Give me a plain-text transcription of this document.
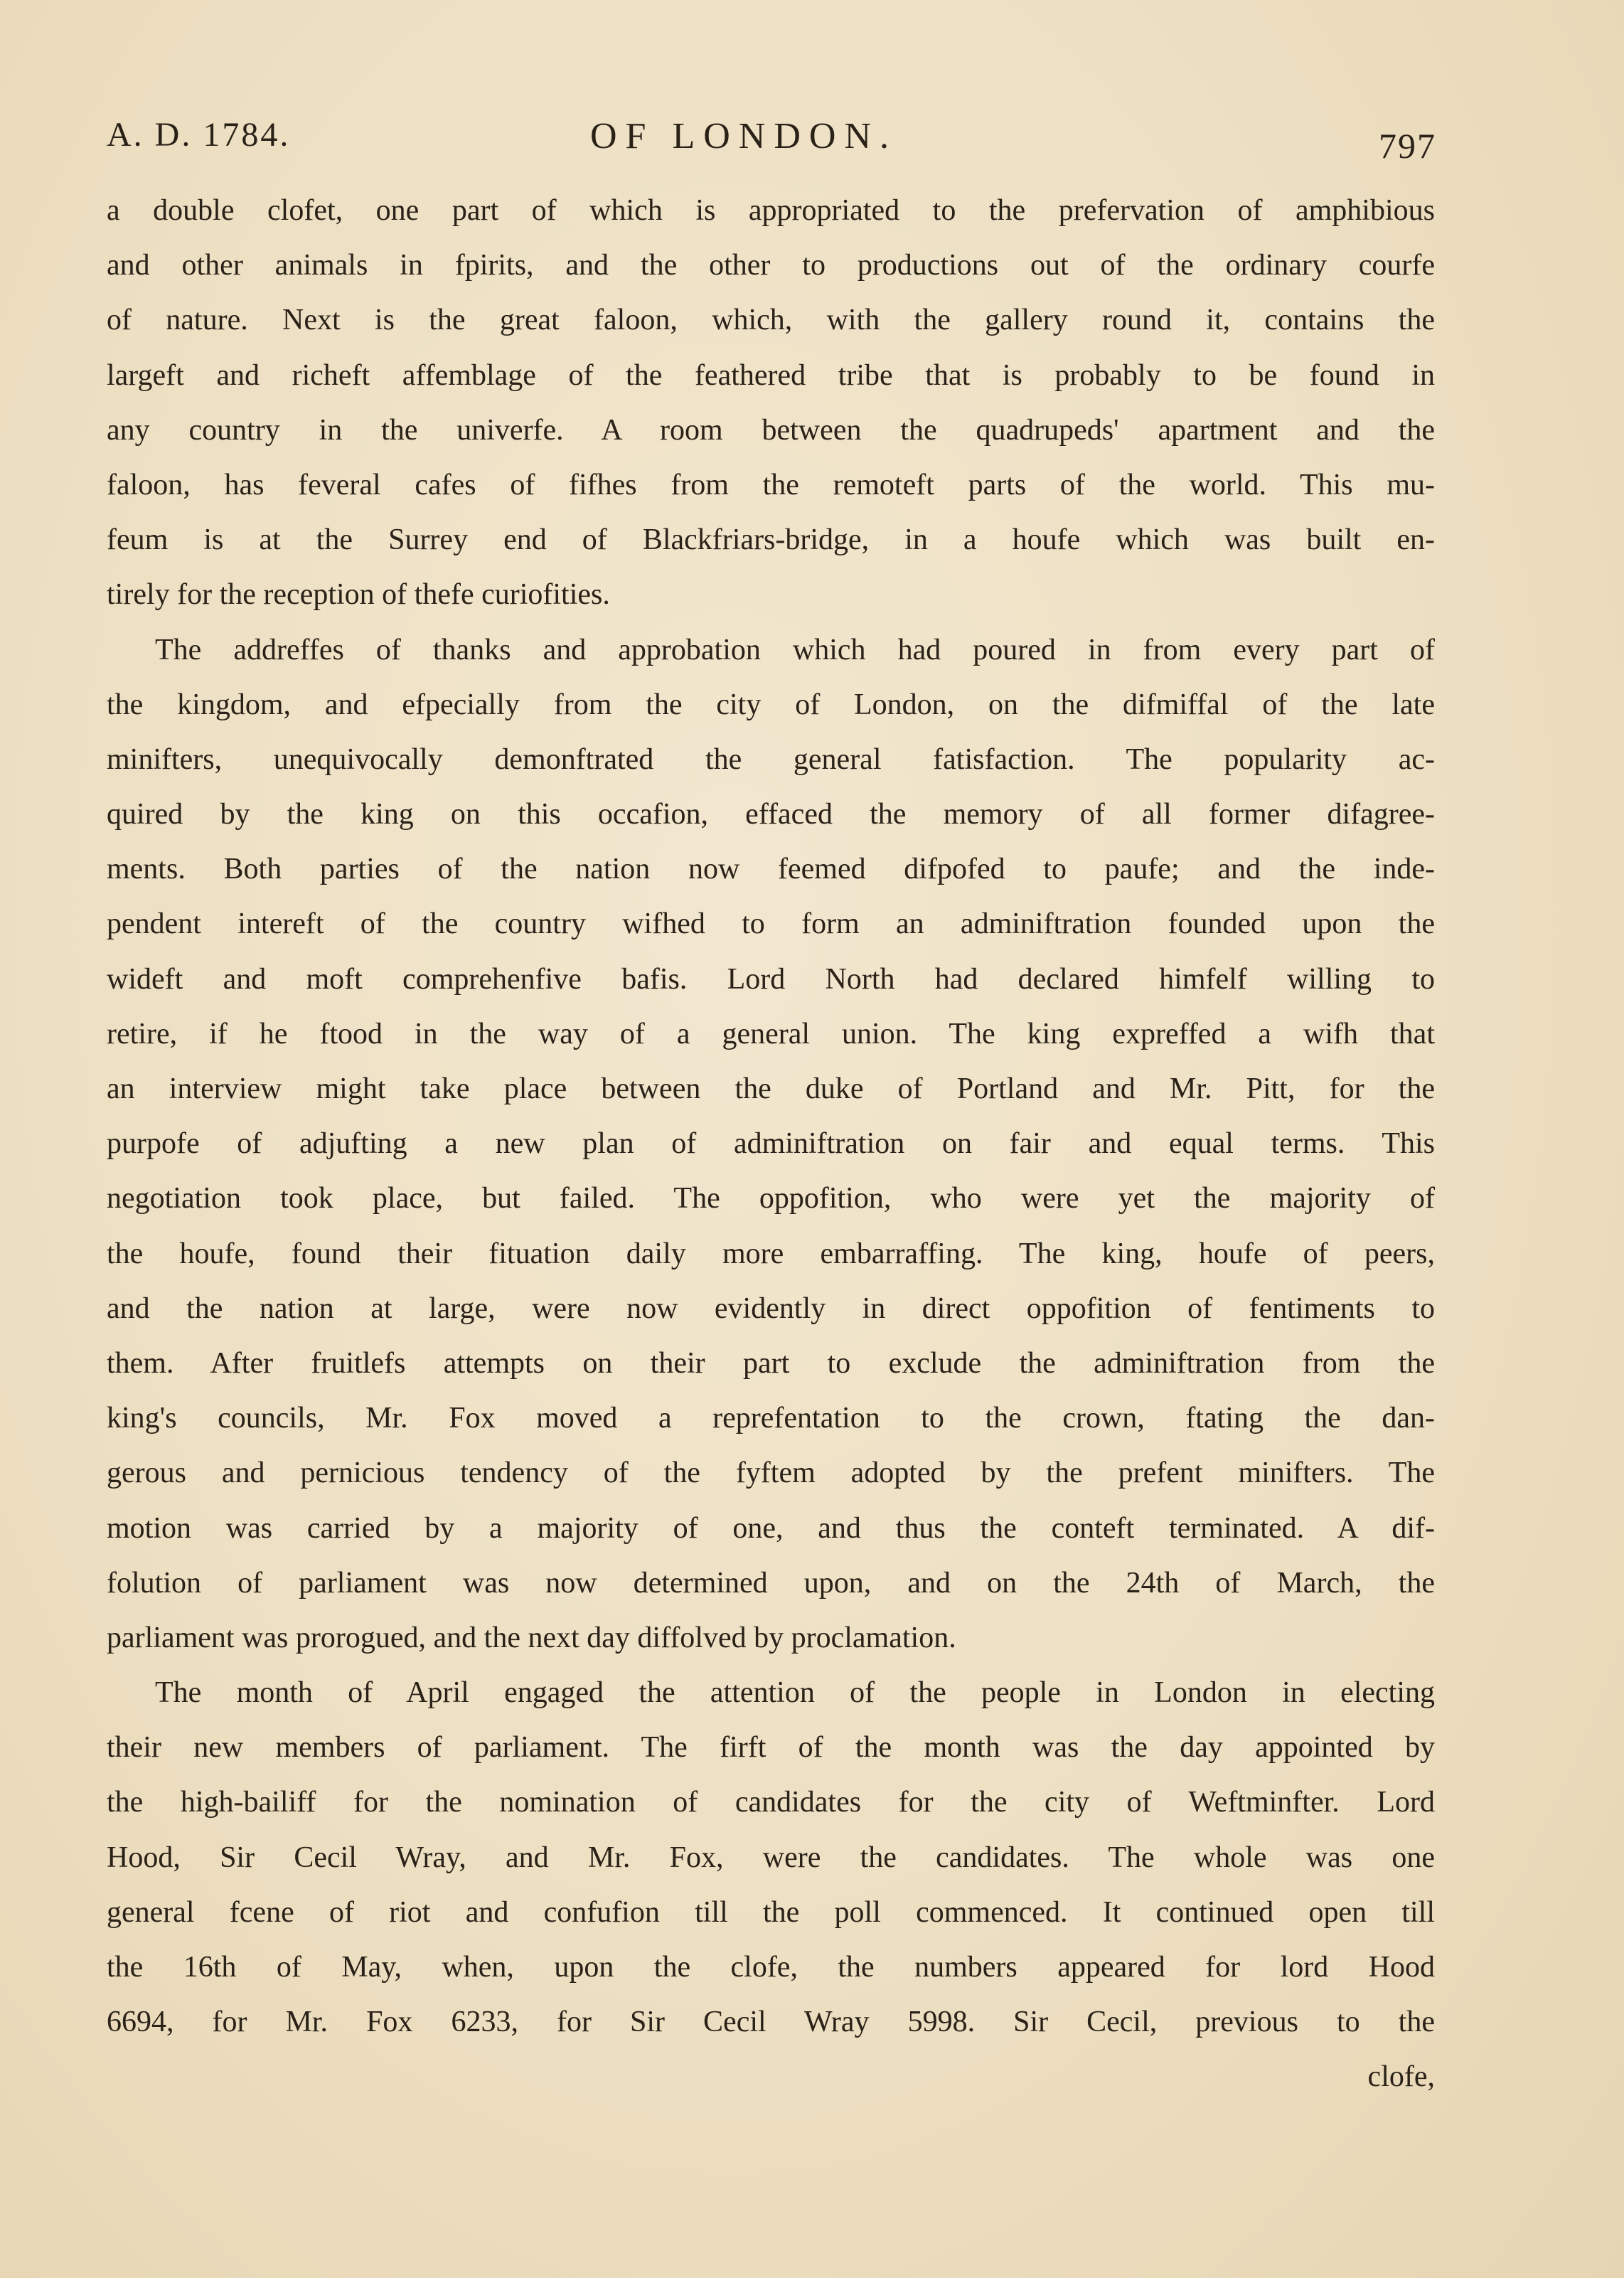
A. D. 1784.	OF LONDON.	797
a double clofet, one part of which is appropriated to the prefervation of amphibious
and other animals in fpirits, and the other to productions out of the ordinary courfe
of nature. Next is the great faloon, which, with the gallery round it, contains the
largeft and richeft affemblage of the feathered tribe that is probably to be found in
any country in the univerfe. A room between the quadrupeds' apartment and the
faloon, has feveral cafes of fifhes from the remoteft parts of the world. This mu-
feum is at the Surrey end of Blackfriars-bridge, in a houfe which was built en-
tirely for the reception of thefe curiofities.
The addreffes of thanks and approbation which had poured in from every part of
the kingdom, and efpecially from the city of London, on the difmiffal of the late
minifters, unequivocally demonftrated the general fatisfaction. The popularity ac-
quired by the king on this occafion, effaced the memory of all former difagree-
ments. Both parties of the nation now feemed difpofed to paufe; and the inde-
pendent intereft of the country wifhed to form an adminiftration founded upon the
wideft and moft comprehenfive bafis. Lord North had declared himfelf willing to
retire, if he ftood in the way of a general union. The king expreffed a wifh that
an interview might take place between the duke of Portland and Mr. Pitt, for the
purpofe of adjufting a new plan of adminiftration on fair and equal terms. This
negotiation took place, but failed. The oppofition, who were yet the majority of
the houfe, found their fituation daily more embarraffing. The king, houfe of peers,
and the nation at large, were now evidently in direct oppofition of fentiments to
them. After fruitlefs attempts on their part to exclude the adminiftration from the
king's councils, Mr. Fox moved a reprefentation to the crown, ftating the dan-
gerous and pernicious tendency of the fyftem adopted by the prefent minifters. The
motion was carried by a majority of one, and thus the conteft terminated. A dif-
folution of parliament was now determined upon, and on the 24th of March, the
parliament was prorogued, and the next day diffolved by proclamation.
The month of April engaged the attention of the people in London in electing
their new members of parliament. The firft of the month was the day appointed by
the high-bailiff for the nomination of candidates for the city of Weftminfter. Lord
Hood, Sir Cecil Wray, and Mr. Fox, were the candidates. The whole was one
general fcene of riot and confufion till the poll commenced. It continued open till
the 16th of May, when, upon the clofe, the numbers appeared for lord Hood
6694, for Mr. Fox 6233, for Sir Cecil Wray 5998. Sir Cecil, previous to the
clofe,
